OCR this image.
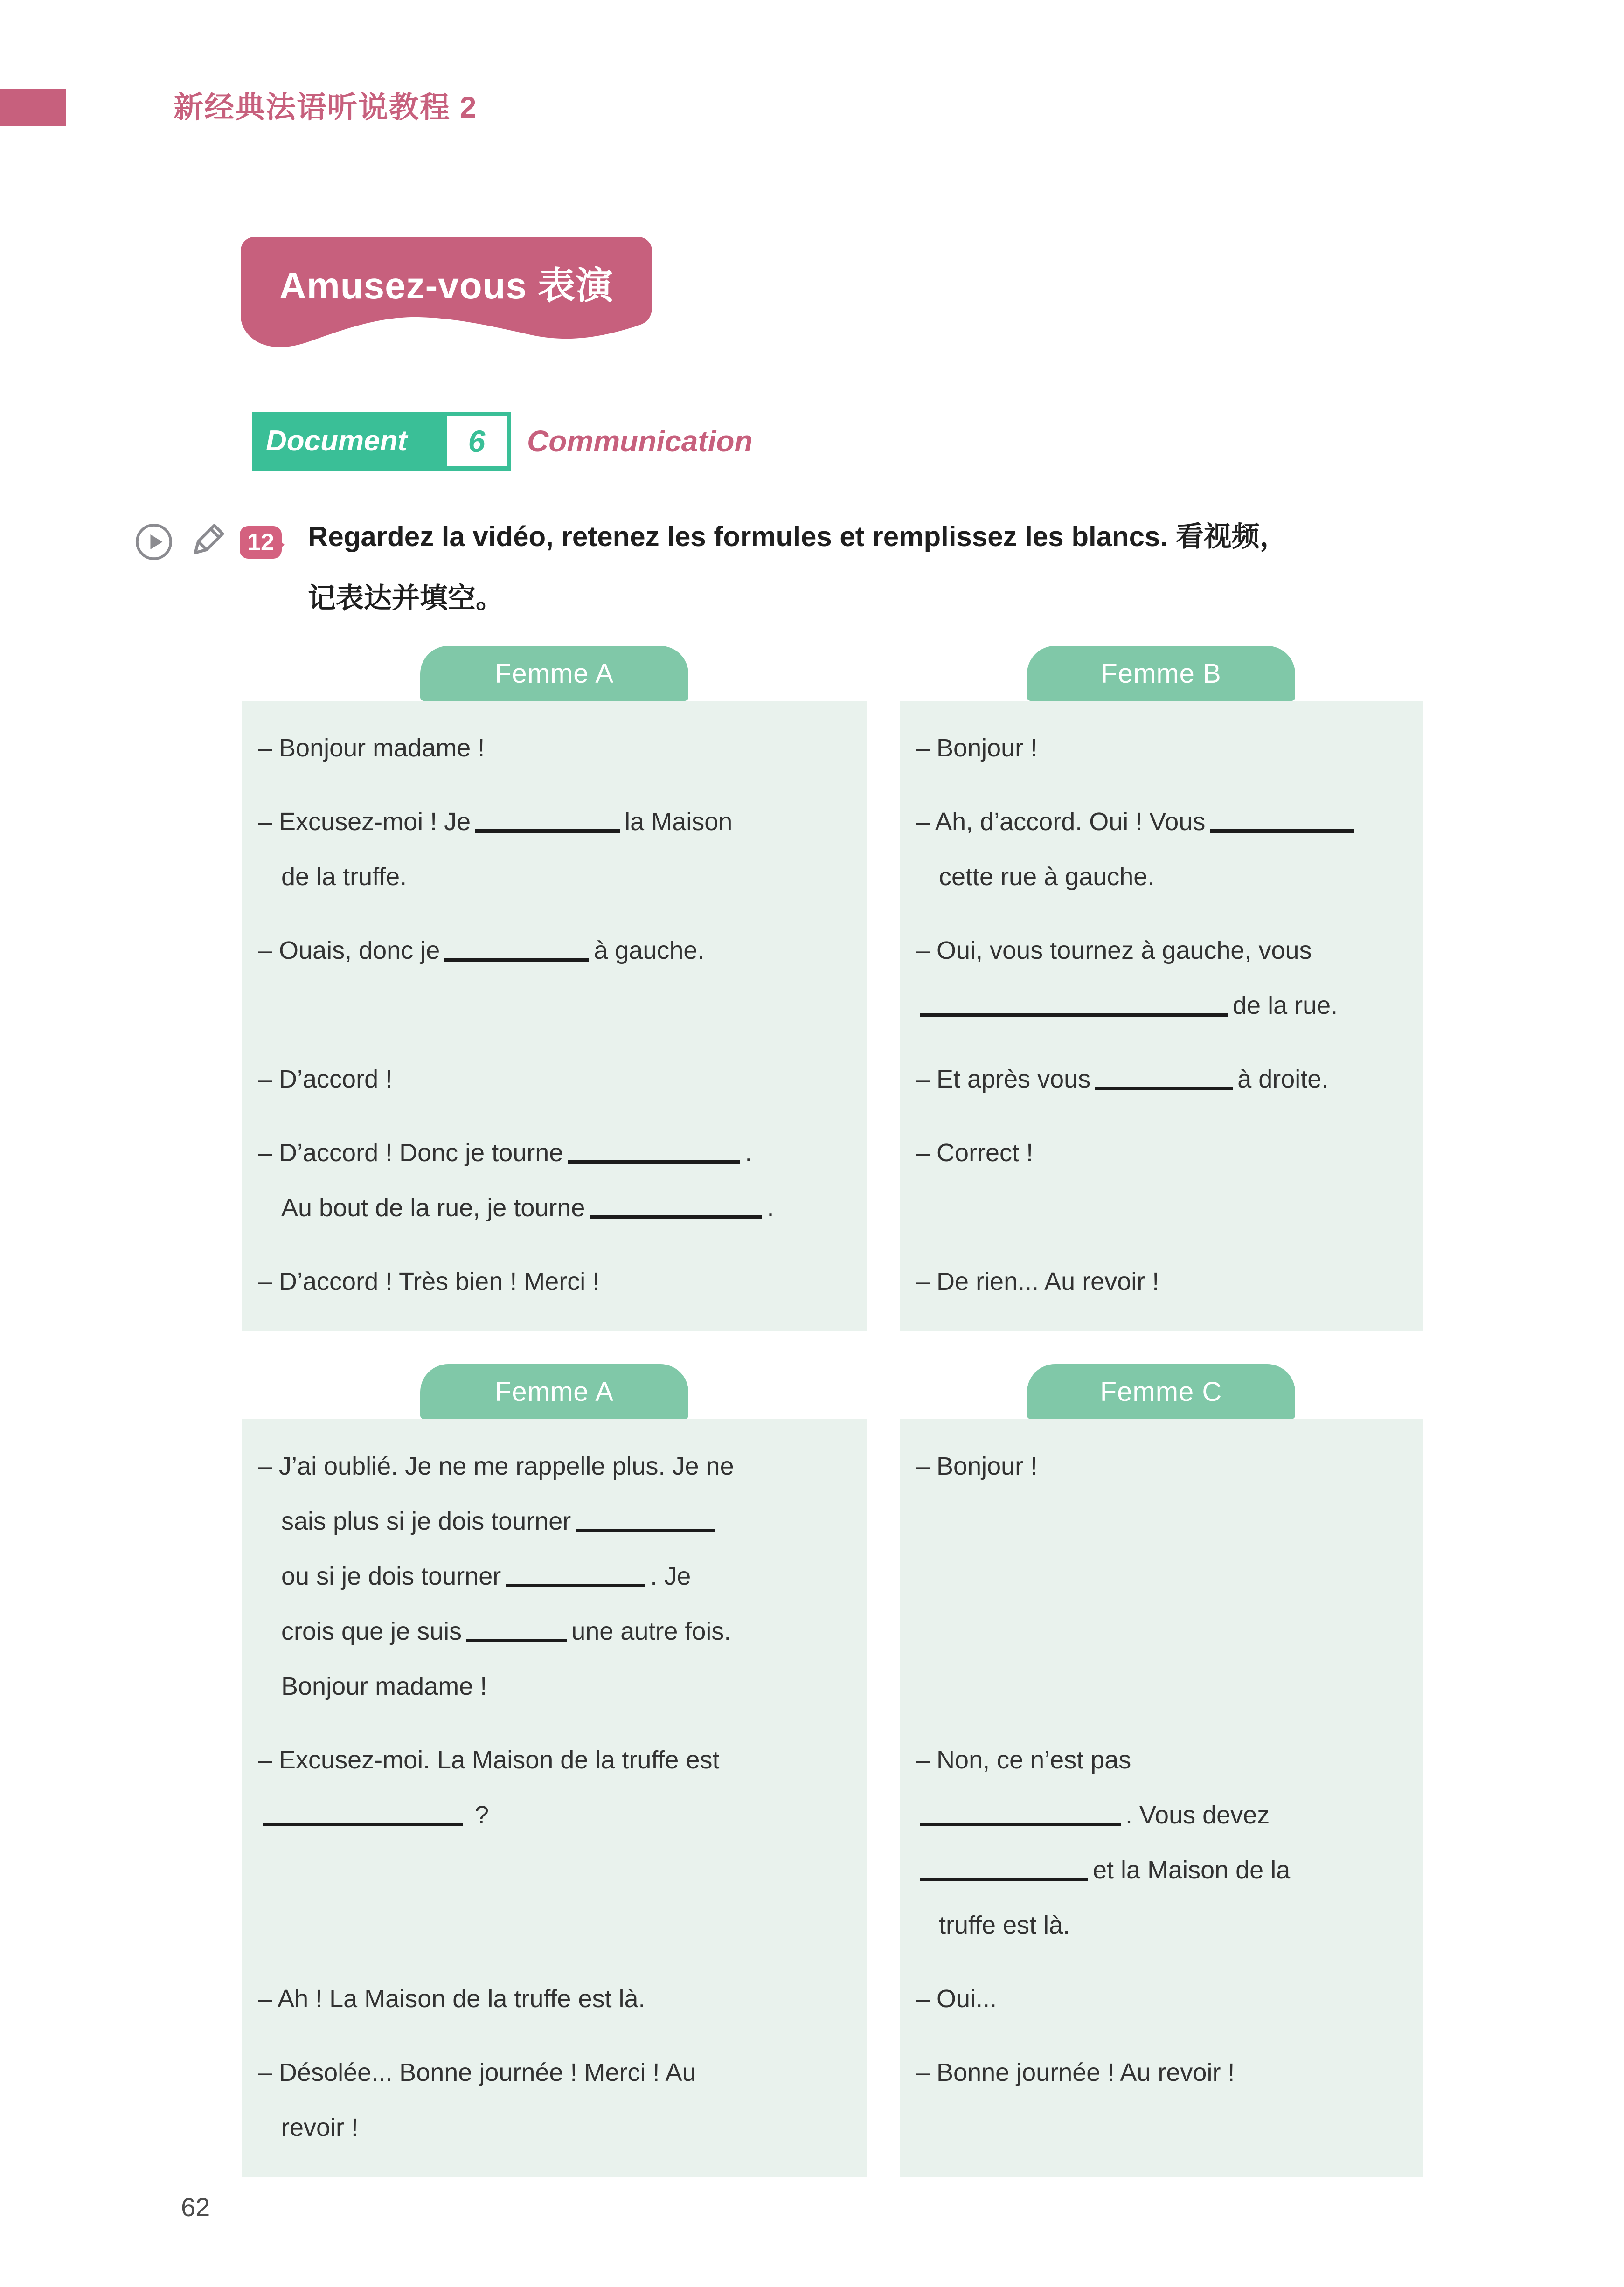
新经典法语听说教程 2
Amusez-vous 表演
Document 6 Communication
12 Regardez la vidéo, retenez les formules et remplissez les blancs. 看视频，
记表达并填空。
Femme A	Femme B
– Bonjour madame !	– Bonjour !
– Excusez-moi ! Je	la Maison
de la truffe.
– Ah, d’accord. Oui ! Vous
cette rue à gauche.
– Ouais, donc je	à gauche.	– Oui, vous tournez à gauche, vous
de la rue.
– D’accord !	– Et après vous	à droite.
– D’accord ! Donc je tourne	.
Au bout de la rue, je tourne	.
– Correct !
– D’accord ! Très bien ! Merci !	– De rien... Au revoir !
Femme A	Femme C
– J’ai oublié. Je ne me rappelle plus. Je ne
sais plus si je dois tourner
ou si je dois tourner	. Je
crois que je suis	une autre fois.
Bonjour madame !
– Bonjour !
– Excusez-moi. La Maison de la truffe est
?
– Non, ce n’est pas
. Vous devez
et la Maison de la
truffe est là.
– Ah ! La Maison de la truffe est là.	– Oui...
– Désolée... Bonne journée ! Merci ! Au
revoir !
– Bonne journée ! Au revoir !
62
